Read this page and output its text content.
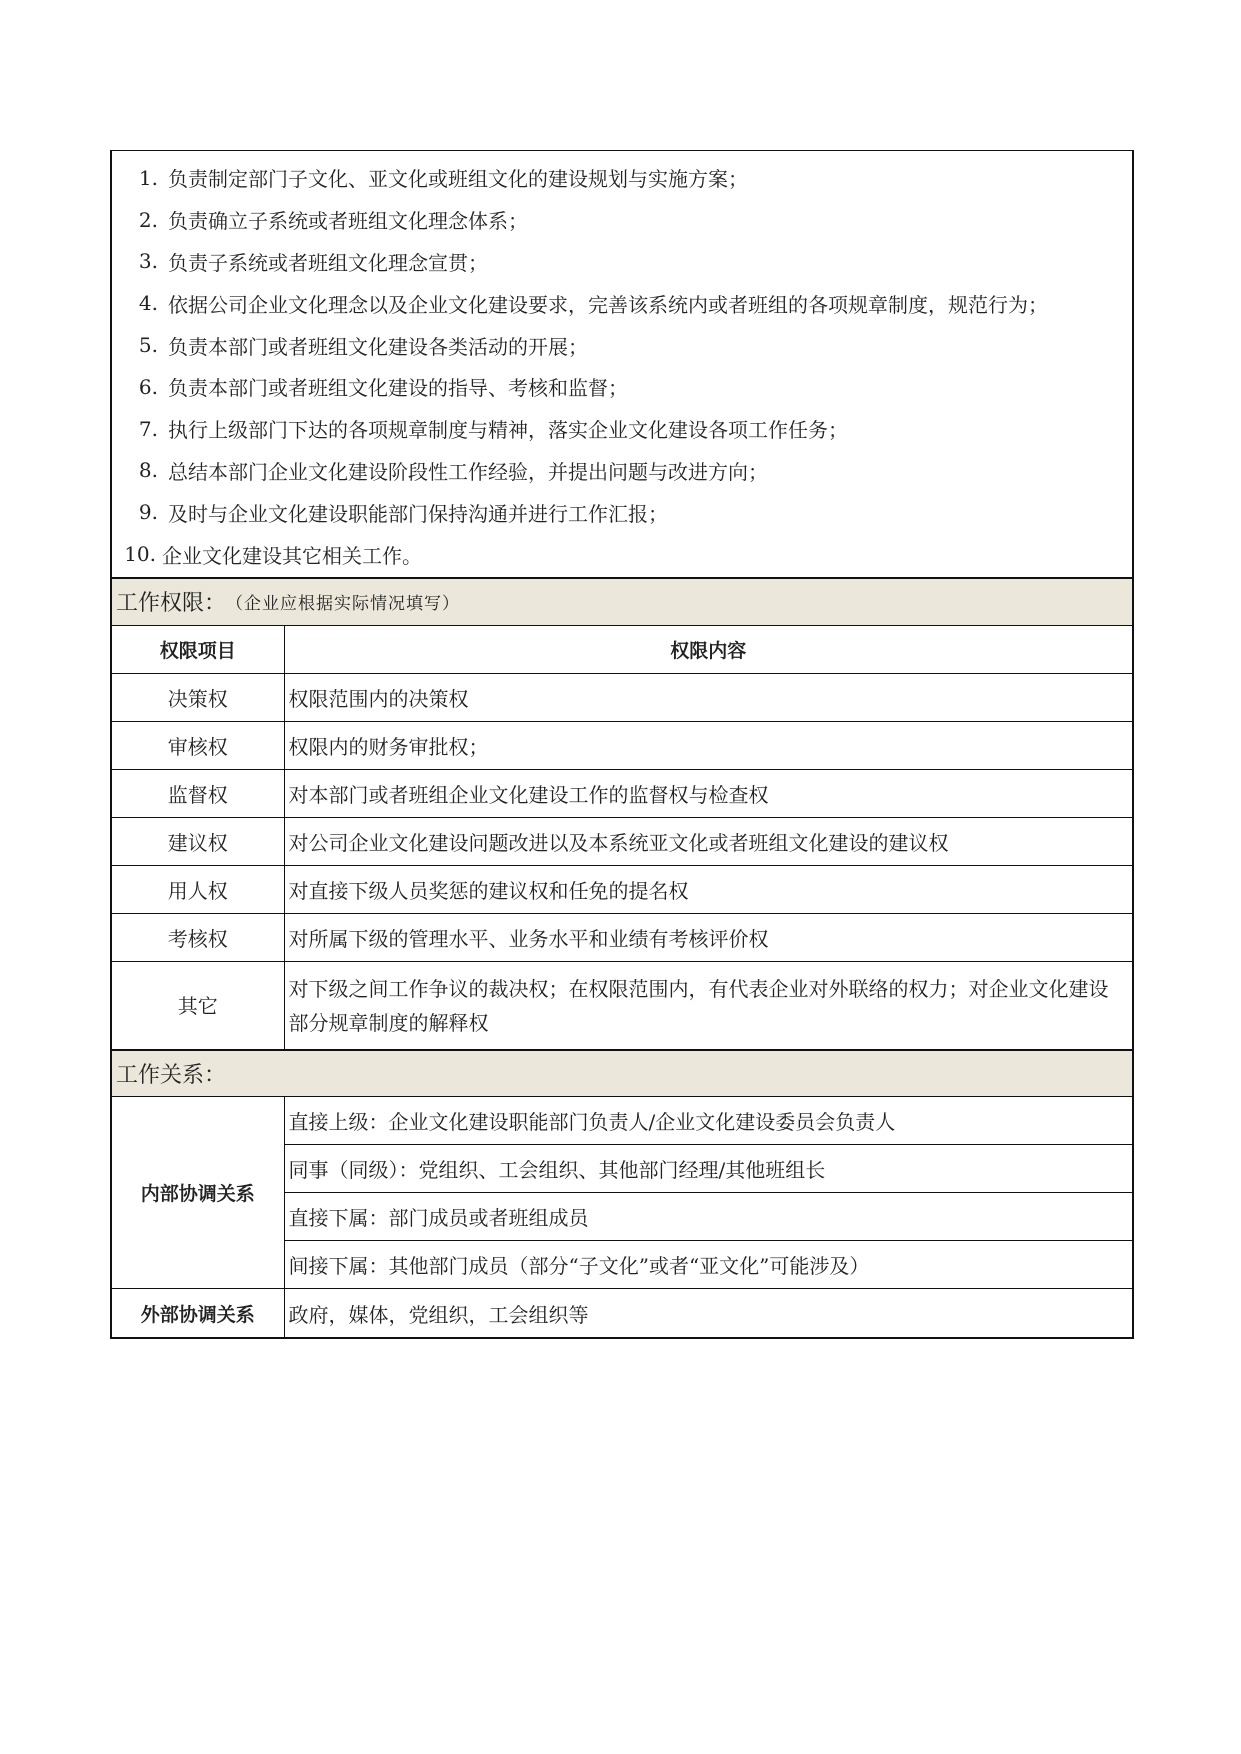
1. 负责制定部门子文化、亚文化或班组文化的建设规划与实施方案；
2. 负责确立子系统或者班组文化理念体系；
3. 负责子系统或者班组文化理念宣贯；
4. 依据公司企业文化理念以及企业文化建设要求，完善该系统内或者班组的各项规章制度，规范行为；
5. 负责本部门或者班组文化建设各类活动的开展；
6. 负责本部门或者班组文化建设的指导、考核和监督；
7. 执行上级部门下达的各项规章制度与精神，落实企业文化建设各项工作任务；
8. 总结本部门企业文化建设阶段性工作经验，并提出问题与改进方向；
9. 及时与企业文化建设职能部门保持沟通并进行工作汇报；
10. 企业文化建设其它相关工作。
工作权限： （企业应根据实际情况填写）
权限项目	权限内容
决策权	权限范围内的决策权
审核权	权限内的财务审批权；
监督权	对本部门或者班组企业文化建设工作的监督权与检查权
建议权	对公司企业文化建设问题改进以及本系统亚文化或者班组文化建设的建议权
用人权	对直接下级人员奖惩的建议权和任免的提名权
考核权	对所属下级的管理水平、业务水平和业绩有考核评价权
其它	对下级之间工作争议的裁决权；在权限范围内，有代表企业对外联络的权力；对企业文化建设部分规章制度的解释权
工作关系：
内部协调关系	直接上级：企业文化建设职能部门负责人/企业文化建设委员会负责人
	同事（同级）：党组织、工会组织、其他部门经理/其他班组长
	直接下属：部门成员或者班组成员
	间接下属：其他部门成员（部分“子文化”或者“亚文化”可能涉及）
外部协调关系	政府，媒体，党组织，工会组织等
